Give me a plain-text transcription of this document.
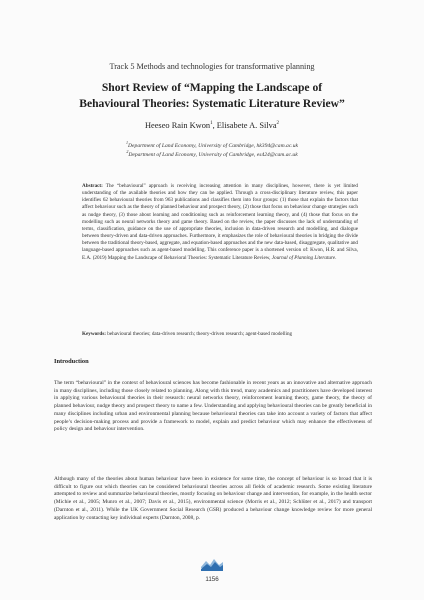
Track 5 Methods and technologies for transformative planning
Short Review of “Mapping the Landscape of
Behavioural Theories: Systematic Literature Review”
Heeseo Rain Kwon$^1$, Elisabete A. Silva$^2$
$^1$Department of Land Economy, University of Cambridge, hk394@cam.ac.uk
$^2$Department of Land Economy, University of Cambridge, es424@cam.ac.uk
Abstract: The “behavioural” approach is receiving increasing attention in many disciplines, however, there is yet limited understanding of the available theories and how they can be applied. Through a cross-disciplinary literature review, this paper identifies 62 behavioural theories from 963 publications and classifies them into four groups: (1) those that explain the factors that affect behaviour such as the theory of planned behaviour and prospect theory, (2) those that focus on behaviour change strategies such as nudge theory, (3) those about learning and conditioning such as reinforcement learning theory, and (4) those that focus on the modelling such as neural networks theory and game theory. Based on the review, the paper discusses the lack of understanding of terms, classification, guidance on the use of appropriate theories, inclusion in data-driven research and modelling, and dialogue between theory-driven and data-driven approaches. Furthermore, it emphasizes the role of behavioural theories in bridging the divide between the traditional theory-based, aggregate, and equation-based approaches and the new data-based, disaggregate, qualitative and language-based approaches such as agent-based modelling. This conference paper is a shortened version of: Kwon, H.R. and Silva, E.A. (2019) Mapping the Landscape of Behavioral Theories: Systematic Literature Review, Journal of Planning Literature.
Keywords: behavioural theories; data-driven research; theory-driven research; agent-based modelling
Introduction
The term “behavioural” in the context of behavioural sciences has become fashionable in recent years as an innovative and alternative approach in many disciplines, including those closely related to planning. Along with this trend, many academics and practitioners have developed interest in applying various behavioural theories in their research: neural networks theory, reinforcement learning theory, game theory, the theory of planned behaviour, nudge theory and prospect theory to name a few. Understanding and applying behavioural theories can be greatly beneficial in many disciplines including urban and environmental planning because behavioural theories can take into account a variety of factors that affect people’s decision-making process and provide a framework to model, explain and predict behaviour which may enhance the effectiveness of policy design and behaviour intervention.
Although many of the theories about human behaviour have been in existence for some time, the concept of behaviour is so broad that it is difficult to figure out which theories can be considered behavioural theories across all fields of academic research. Some existing literature attempted to review and summarize behavioural theories, mostly focusing on behaviour change and intervention, for example, in the health sector (Michie et al., 2005; Munro et al., 2007; Davis et al., 2015), environmental science (Morris et al., 2012; Schlüter et al., 2017) and transport (Darnton et al., 2011). While the UK Government Social Research (GSR) produced a behaviour change knowledge review for more general application by contacting key individual experts (Darnton, 2008, p.
1156
